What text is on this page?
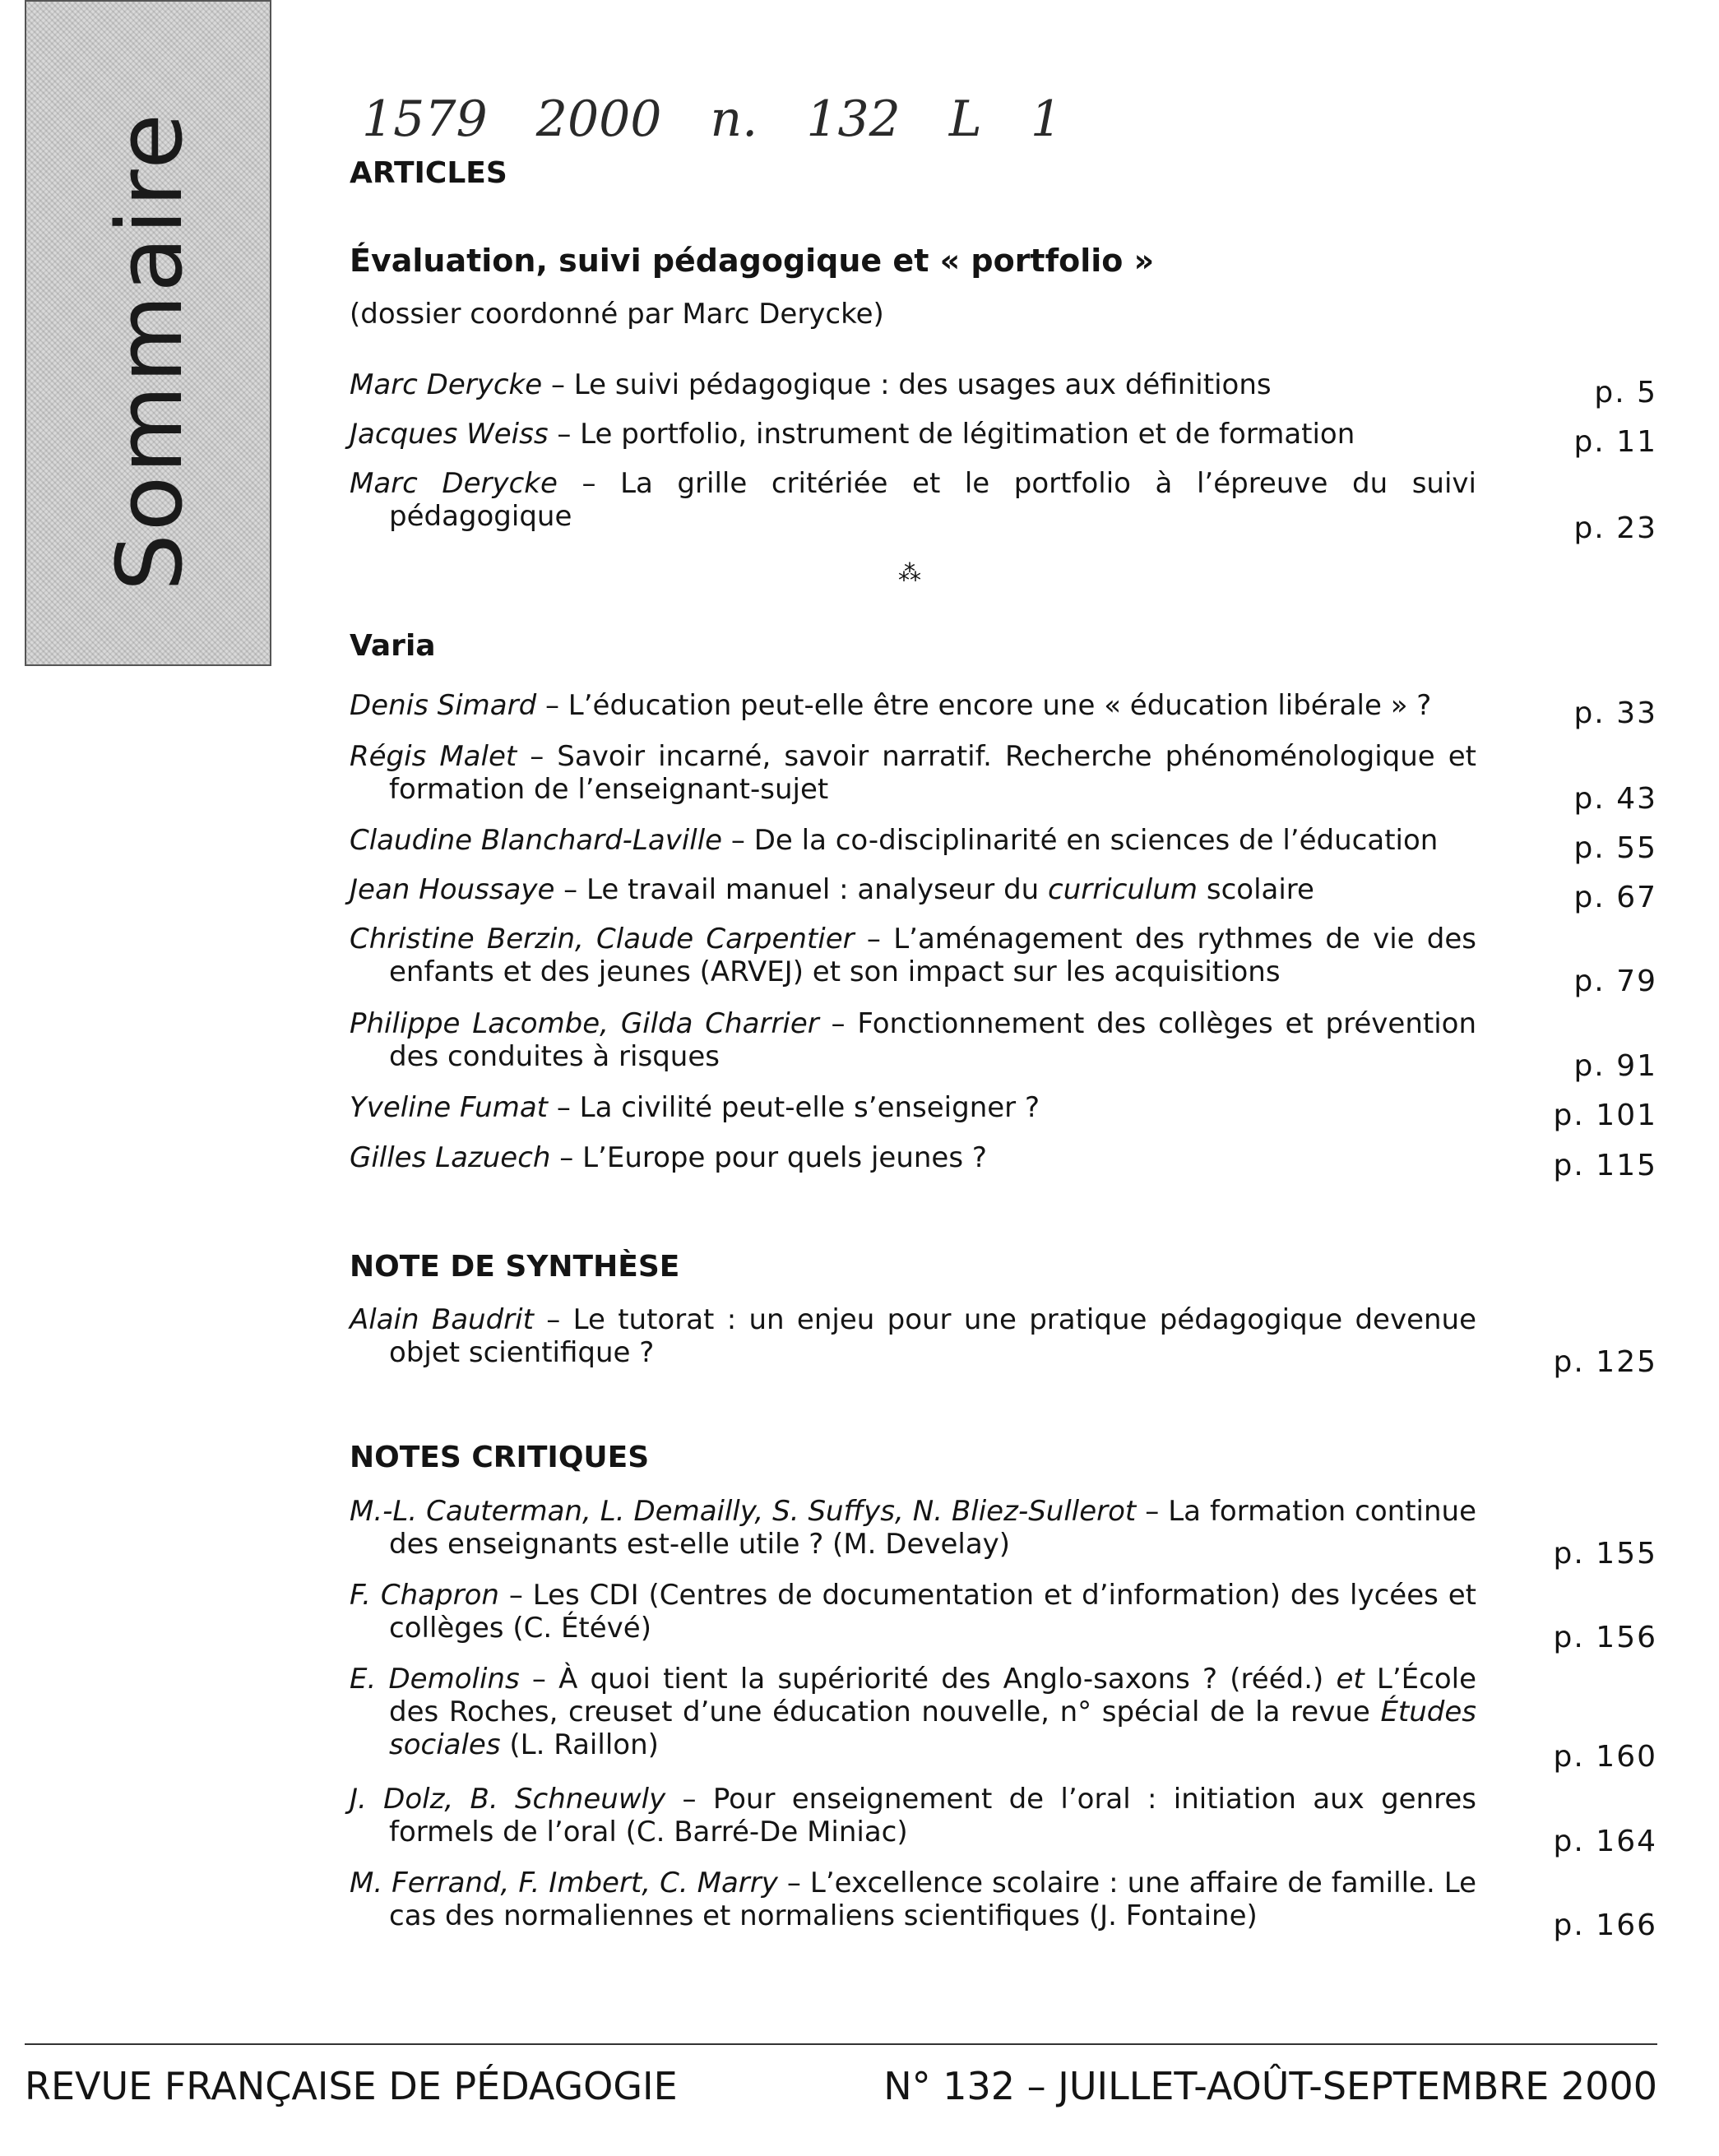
Sommaire	1579 2000 n. 132 L 1
ARTICLES
Évaluation, suivi pédagogique et « portfolio »
(dossier coordonné par Marc Derycke)
Marc Derycke – Le suivi pédagogique : des usages aux définitions	p. 5
Jacques Weiss – Le portfolio, instrument de légitimation et de formation	p. 11
Marc Derycke – La grille critériée et le portfolio à l’épreuve du suivi pédagogique	p. 23
⁂
Varia
Denis Simard – L’éducation peut-elle être encore une « éducation libérale » ?	p. 33
Régis Malet – Savoir incarné, savoir narratif. Recherche phénoménologique et formation de l’enseignant-sujet	p. 43
Claudine Blanchard-Laville – De la co-disciplinarité en sciences de l’éducation	p. 55
Jean Houssaye – Le travail manuel : analyseur du curriculum scolaire	p. 67
Christine Berzin, Claude Carpentier – L’aménagement des rythmes de vie des enfants et des jeunes (ARVEJ) et son impact sur les acquisitions	p. 79
Philippe Lacombe, Gilda Charrier – Fonctionnement des collèges et prévention des conduites à risques	p. 91
Yveline Fumat – La civilité peut-elle s’enseigner ?	p. 101
Gilles Lazuech – L’Europe pour quels jeunes ?	p. 115
NOTE DE SYNTHÈSE
Alain Baudrit – Le tutorat : un enjeu pour une pratique pédagogique devenue objet scientifique ?	p. 125
NOTES CRITIQUES
M.-L. Cauterman, L. Demailly, S. Suffys, N. Bliez-Sullerot – La formation continue des enseignants est-elle utile ? (M. Develay)	p. 155
F. Chapron – Les CDI (Centres de documentation et d’information) des lycées et collèges (C. Étévé)	p. 156
E. Demolins – À quoi tient la supériorité des Anglo-saxons ? (rééd.) et L’École des Roches, creuset d’une éducation nouvelle, n° spécial de la revue Études sociales (L. Raillon)	p. 160
J. Dolz, B. Schneuwly – Pour enseignement de l’oral : initiation aux genres formels de l’oral (C. Barré-De Miniac)	p. 164
M. Ferrand, F. Imbert, C. Marry – L’excellence scolaire : une affaire de famille. Le cas des normaliennes et normaliens scientifiques (J. Fontaine)	p. 166
REVUE FRANÇAISE DE PÉDAGOGIE	N° 132 – JUILLET-AOÛT-SEPTEMBRE 2000
